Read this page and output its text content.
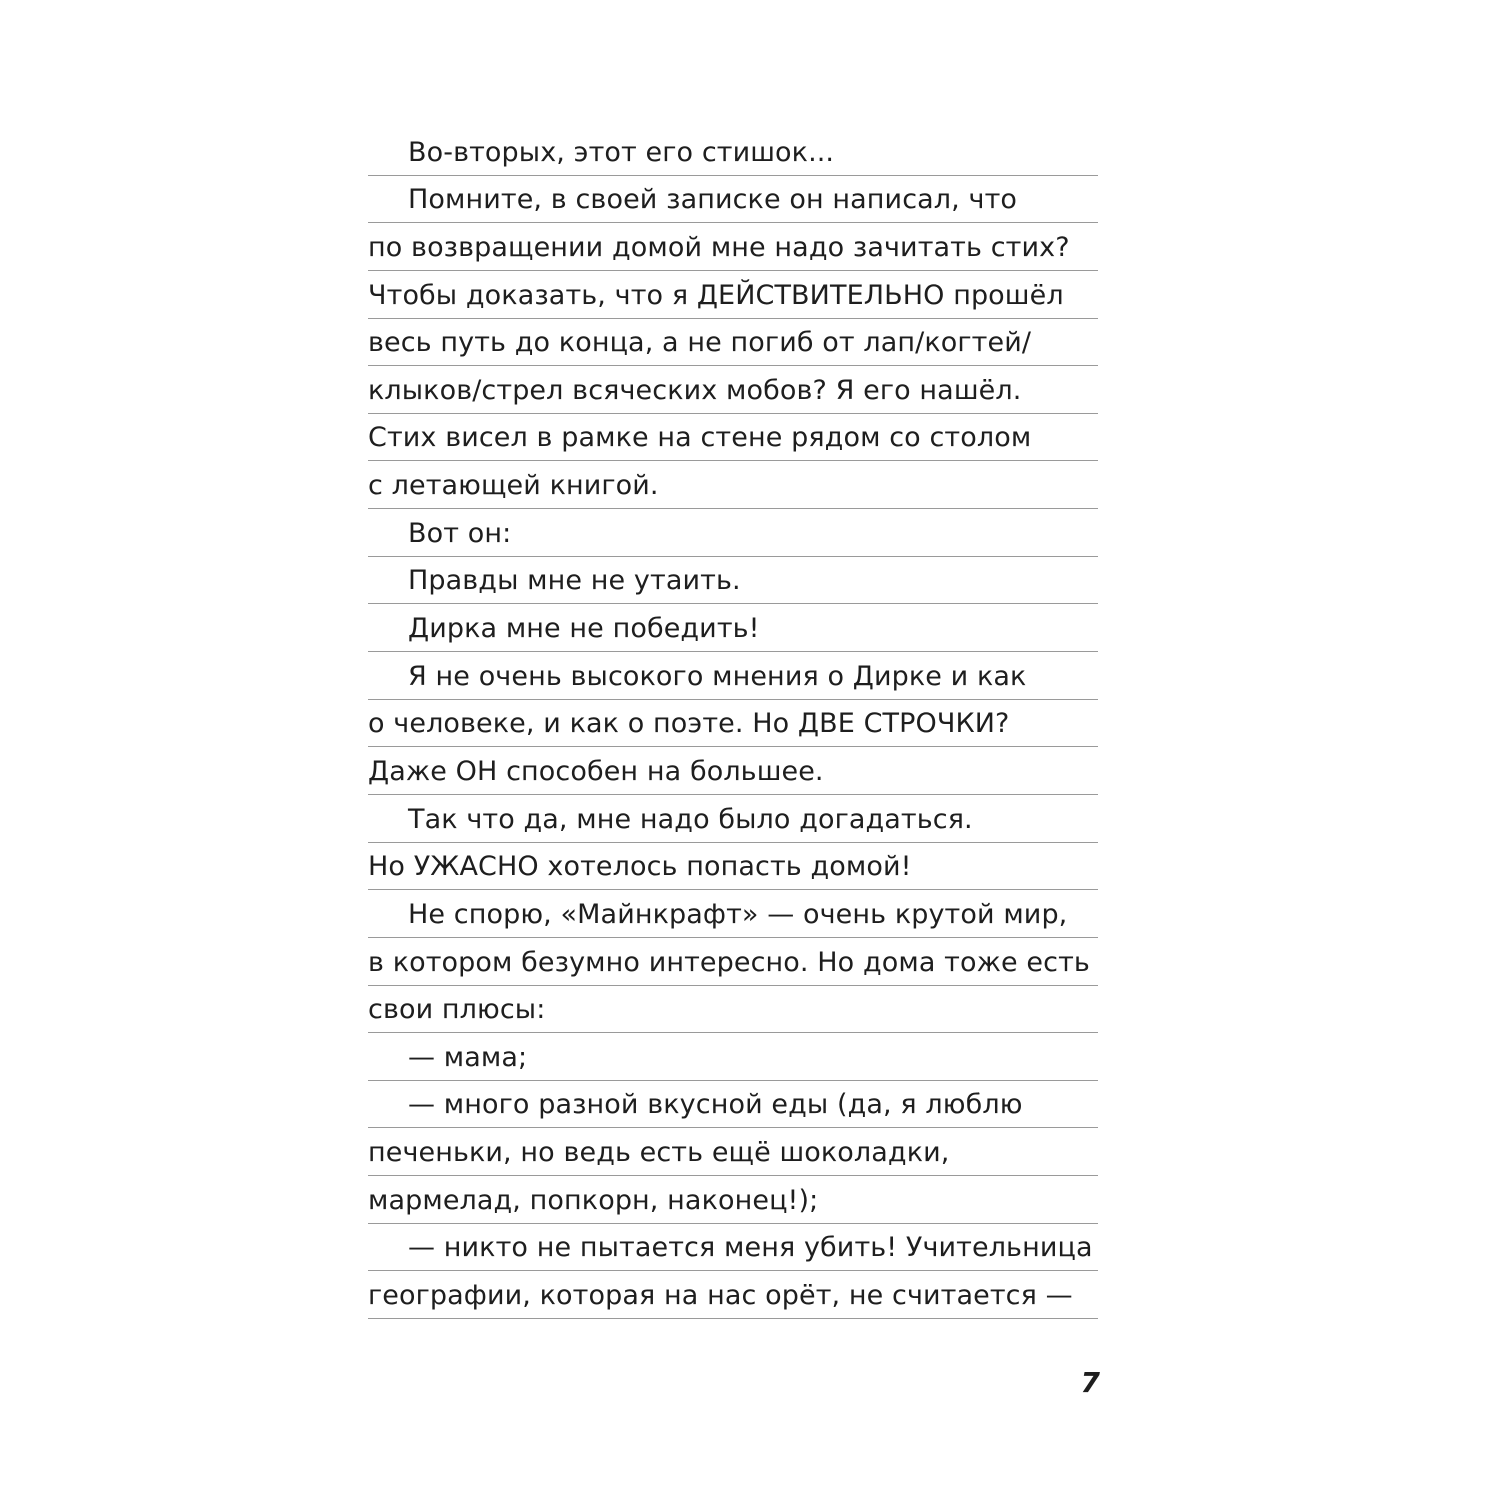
Во-вторых, этот его стишок...
Помните, в своей записке он написал, что
по возвращении домой мне надо зачитать стих?
Чтобы доказать, что я ДЕЙСТВИТЕЛЬНО прошёл
весь путь до конца, а не погиб от лап/когтей/
клыков/стрел всяческих мобов? Я его нашёл.
Стих висел в рамке на стене рядом со столом
с летающей книгой.
Вот он:
Правды мне не утаить.
Дирка мне не победить!
Я не очень высокого мнения о Дирке и как
о человеке, и как о поэте. Но ДВЕ СТРОЧКИ?
Даже ОН способен на большее.
Так что да, мне надо было догадаться.
Но УЖАСНО хотелось попасть домой!
Не спорю, «Майнкрафт» — очень крутой мир,
в котором безумно интересно. Но дома тоже есть
свои плюсы:
— мама;
— много разной вкусной еды (да, я люблю
печеньки, но ведь есть ещё шоколадки,
мармелад, попкорн, наконец!);
— никто не пытается меня убить! Учительница
географии, которая на нас орёт, не считается —
7
